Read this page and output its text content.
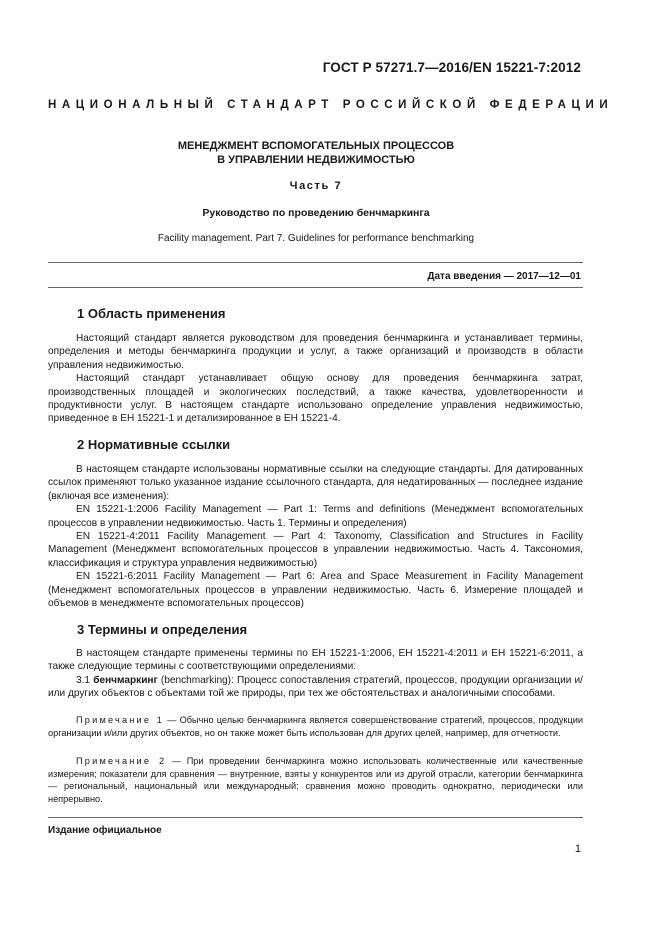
ГОСТ Р 57271.7—2016/EN 15221-7:2012
НАЦИОНАЛЬНЫЙ СТАНДАРТ РОССИЙСКОЙ ФЕДЕРАЦИИ
МЕНЕДЖМЕНТ ВСПОМОГАТЕЛЬНЫХ ПРОЦЕССОВ
В УПРАВЛЕНИИ НЕДВИЖИМОСТЬЮ
Часть 7
Руководство по проведению бенчмаркинга
Facility management. Part 7. Guidelines for performance benchmarking
Дата введения — 2017—12—01
1 Область применения

Настоящий стандарт является руководством для проведения бенчмаркинга и устанавливает термины, определения и методы бенчмаркинга продукции и услуг, а также организаций и производств в области управления недвижимостью.

Настоящий стандарт устанавливает общую основу для проведения бенчмаркинга затрат, производственных площадей и экологических последствий, а также качества, удовлетворенности и продуктивности услуг. В настоящем стандарте использовано определение управления недвижимостью, приведенное в ЕН 15221-1 и детализированное в ЕН 15221-4.

2 Нормативные ссылки

В настоящем стандарте использованы нормативные ссылки на следующие стандарты. Для датированных ссылок применяют только указанное издание ссылочного стандарта, для недатированных — последнее издание (включая все изменения):

EN 15221-1:2006 Facility Management — Part 1: Terms and definitions (Менеджмент вспомогательных процессов в управлении недвижимостью. Часть 1. Термины и определения)

EN 15221-4:2011 Facility Management — Part 4: Taxonomy, Classification and Structures in Facility Management (Менеджмент вспомогательных процессов в управлении недвижимостью. Часть 4. Таксономия, классификация и структура управления недвижимостью)

EN 15221-6:2011 Facility Management — Part 6: Area and Space Measurement in Facility Management (Менеджмент вспомогательных процессов в управлении недвижимостью. Часть 6. Измерение площадей и объемов в менеджменте вспомогательных процессов)

3 Термины и определения

В настоящем стандарте применены термины по ЕН 15221-1:2006, ЕН 15221-4:2011 и ЕН 15221-6:2011, а также следующие термины с соответствующими определениями:

3.1 бенчмаркинг (benchmarking): Процесс сопоставления стратегий, процессов, продукции организации и/или других объектов с объектами той же природы, при тех же обстоятельствах и аналогичными способами.

Примечание 1 — Обычно целью бенчмаркинга является совершенствование стратегий, процессов, продукции организации и/или других объектов, но он также может быть использован для других целей, например, для отчетности.

Примечание 2 — При проведении бенчмаркинга можно использовать количественные или качественные измерения; показатели для сравнения — внутренние, взяты у конкурентов или из другой отрасли, категории бенчмаркинга — региональный, национальный или международный; сравнения можно проводить однократно, периодически или непрерывно.

Издание официальное
1
